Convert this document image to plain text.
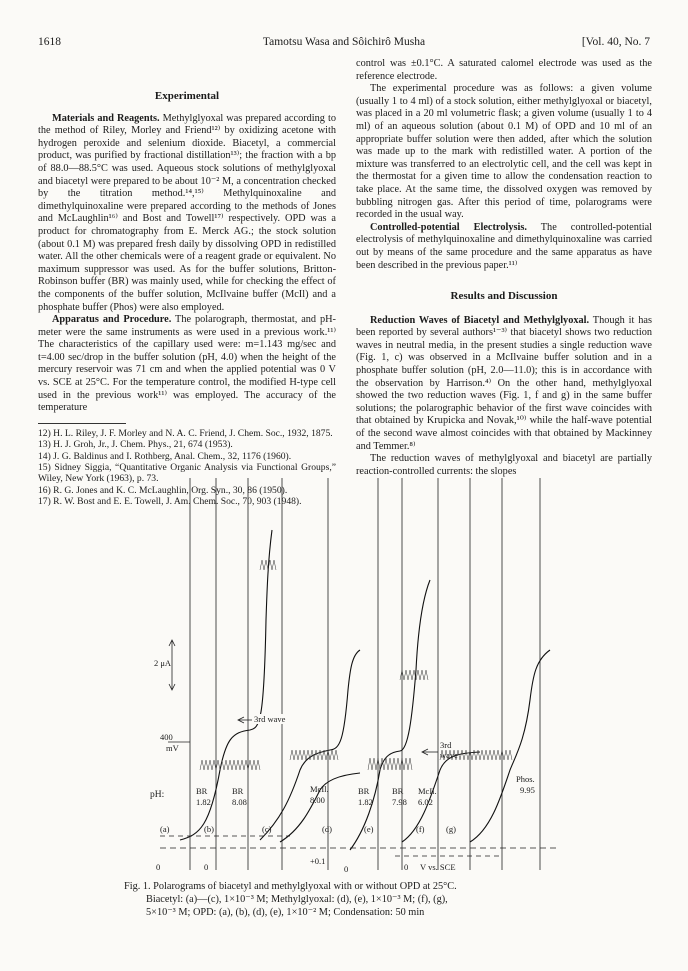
1618	Tamotsu Wasa and Sôichirô Musha	[Vol. 40, No. 7
Experimental

Materials and Reagents. Methylglyoxal was prepared according to the method of Riley, Morley and Friend¹²⁾ by oxidizing acetone with hydrogen peroxide and selenium dioxide. Biacetyl, a commercial product, was purified by fractional distillation¹³⁾; the fraction with a bp of 88.0—88.5°C was used. Aqueous stock solutions of methylglyoxal and biacetyl were prepared to be about 10⁻² M, a concentration checked by the titration method.¹⁴,¹⁵⁾ Methylquinoxaline and dimethylquinoxaline were prepared according to the methods of Jones and McLaughlin¹⁶⁾ and Bost and Towell¹⁷⁾ respectively. OPD was a product for chromatography from E. Merck AG.; the stock solution (about 0.1 M) was prepared fresh daily by dissolving OPD in redistilled water. All the other chemicals were of a reagent grade or equivalent. No maximum suppressor was used. As for the buffer solutions, Britton-Robinson buffer (BR) was mainly used, while for checking the effect of the components of the buffer solution, McIlvaine buffer (McIl) and a phosphate buffer (Phos) were also employed.

Apparatus and Procedure. The polarograph, thermostat, and pH-meter were the same instruments as were used in a previous work.¹¹⁾ The characteristics of the capillary used were: m=1.143 mg/sec and t=4.00 sec/drop in the buffer solution (pH, 4.0) when the height of the mercury reservoir was 71 cm and when the applied potential was 0 V vs. SCE at 25°C. For the temperature control, the modified H-type cell used in the previous work¹¹⁾ was employed. The accuracy of the temperature

12) H. L. Riley, J. F. Morley and N. A. C. Friend, J. Chem. Soc., 1932, 1875.
13) H. J. Groh, Jr., J. Chem. Phys., 21, 674 (1953).
14) J. G. Baldinus and I. Rothberg, Anal. Chem., 32, 1176 (1960).
15) Sidney Siggia, “Quantitative Organic Analysis via Functional Groups,” Wiley, New York (1963), p. 73.
16) R. G. Jones and K. C. McLaughlin, Org. Syn., 30, 86 (1950).
17) R. W. Bost and E. E. Towell, J. Am. Chem. Soc., 70, 903 (1948).

control was ±0.1°C. A saturated calomel electrode was used as the reference electrode.

The experimental procedure was as follows: a given volume (usually 1 to 4 ml) of a stock solution, either methylglyoxal or biacetyl, was placed in a 20 ml volumetric flask; a given volume (usually 1 to 4 ml) of an aqueous solution (about 0.1 M) of OPD and 10 ml of an appropriate buffer solution were then added, after which the solution was made up to the mark with redistilled water. A portion of the mixture was transferred to an electrolytic cell, and the cell was kept in the thermostat for a given time to allow the condensation reaction to take place. At the same time, the dissolved oxygen was removed by bubbling nitrogen gas. After this period of time, polarograms were recorded in the usual way.

Controlled-potential Electrolysis. The controlled-potential electrolysis of methylquinoxaline and dimethylquinoxaline was carried out by means of the same procedure and the same apparatus as have been described in the previous paper.¹¹⁾

Results and Discussion

Reduction Waves of Biacetyl and Methylglyoxal. Though it has been reported by several authors¹⁻³⁾ that biacetyl shows two reduction waves in neutral media, in the present studies a single reduction wave (Fig. 1, c) was observed in a McIlvaine buffer solution and in a phosphate buffer solution (pH, 2.0—11.0); this is in accordance with the observation by Harrison.⁴⁾ On the other hand, methylglyoxal showed the two reduction waves (Fig. 1, f and g) in the same buffer solutions; the polarographic behavior of the first wave coincides with that obtained by Krupicka and Novak,¹⁰⁾ while the half-wave potential of the second wave almost coincides with that obtained by Mackinney and Temmer.⁸⁾

The reduction waves of methylglyoxal and biacetyl are partially reaction-controlled currents: the slopes

2 μA
400
mV
3rd wave
3rd
wave
pH:	BR
1.82
BR
8.08
McIl.
8.00
BR
1.82
BR
7.98
McIl.
6.02
Phos.
9.95
(a)	(b)	(c)	(d)	(e)	(f)	(g)
0	0
+0.1
0	0 V vs. SCE
Fig. 1. Polarograms of biacetyl and methylglyoxal with or without OPD at 25°C.
Biacetyl: (a)—(c), 1×10⁻³ M; Methylglyoxal: (d), (e), 1×10⁻³ M; (f), (g),
5×10⁻³ M; OPD: (a), (b), (d), (e), 1×10⁻² M; Condensation: 50 min
